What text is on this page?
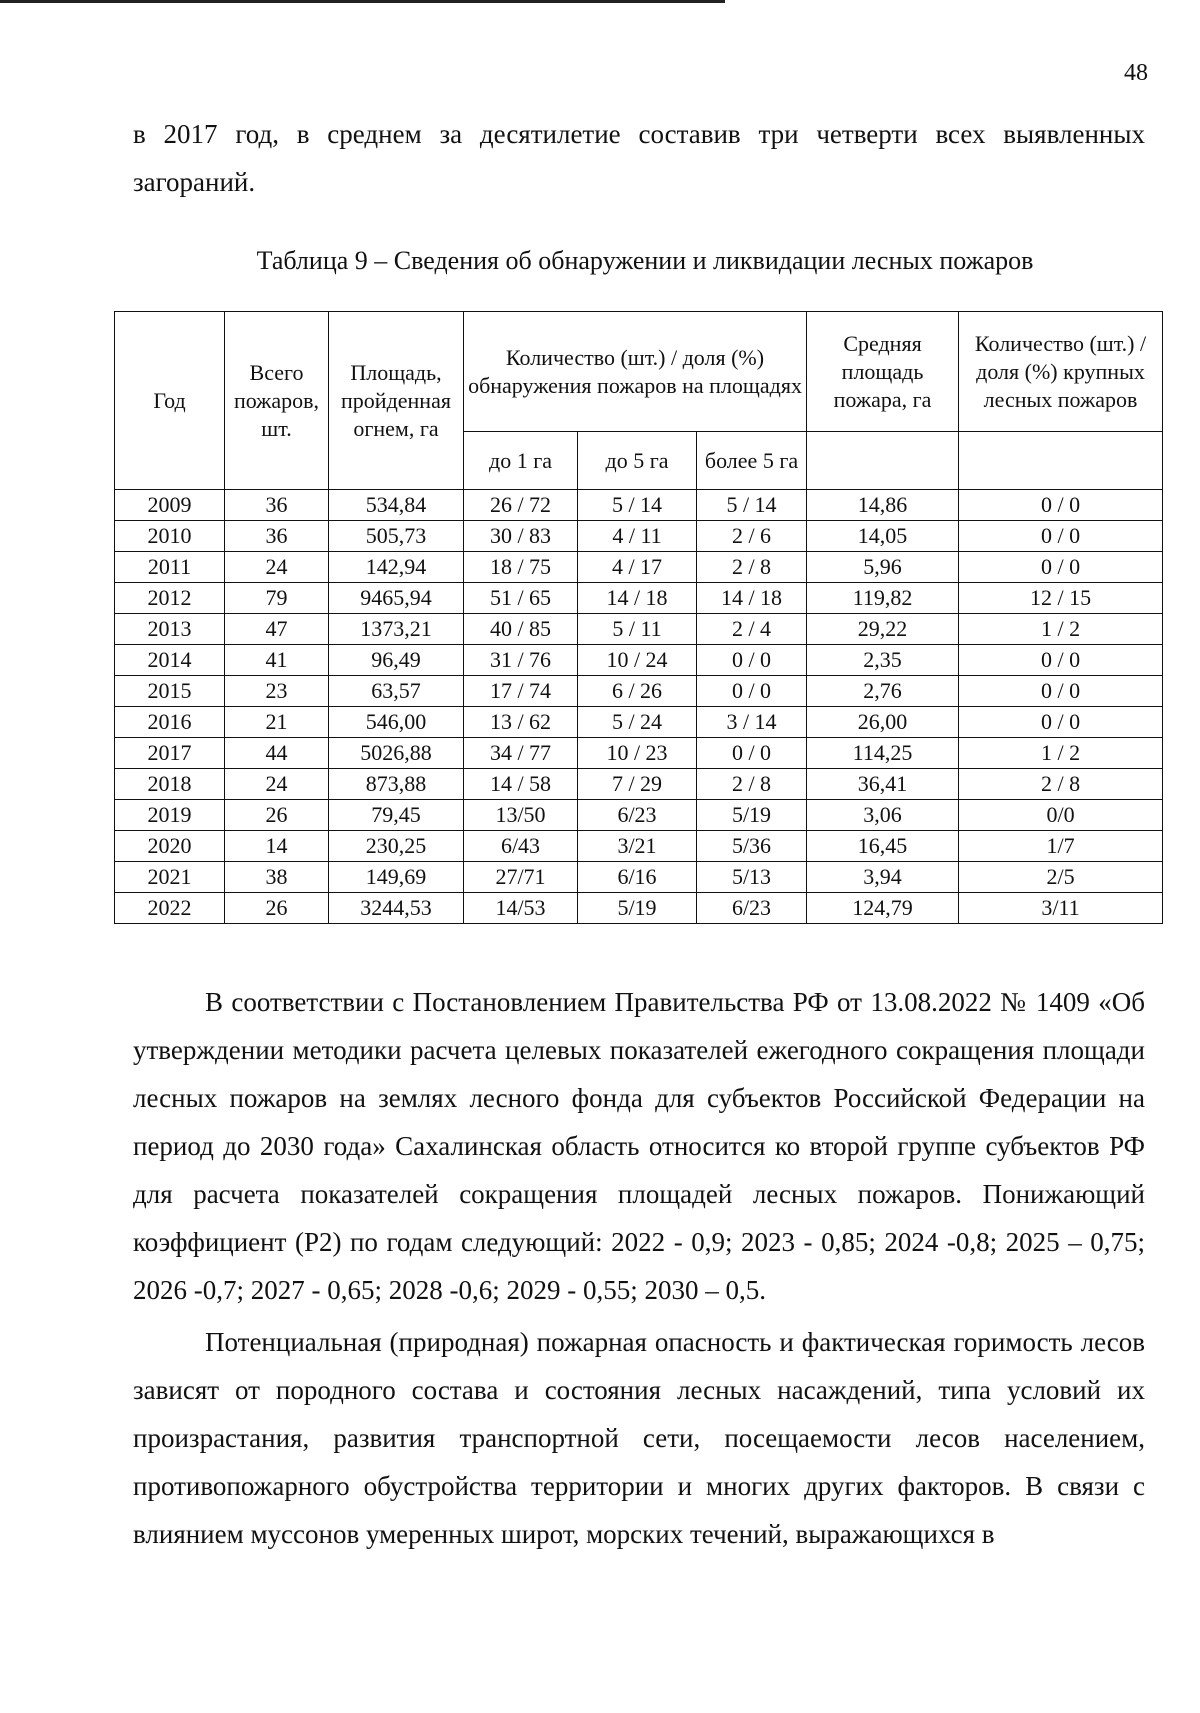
48

в 2017 год, в среднем за десятилетие составив три четверти всех выявленных загораний.

Таблица 9 – Сведения об обнаружении и ликвидации лесных пожаров

Год	Всего пожаров, шт.	Площадь, пройденная огнем, га	Количество (шт.) / доля (%) обнаружения пожаров на площадях			Средняя площадь пожара, га	Количество (шт.) / доля (%) крупных лесных пожаров
			до 1 га	до 5 га	более 5 га		
2009	36	534,84	26 / 72	5 / 14	5 / 14	14,86	0 / 0
2010	36	505,73	30 / 83	4 / 11	2 / 6	14,05	0 / 0
2011	24	142,94	18 / 75	4 / 17	2 / 8	5,96	0 / 0
2012	79	9465,94	51 / 65	14 / 18	14 / 18	119,82	12 / 15
2013	47	1373,21	40 / 85	5 / 11	2 / 4	29,22	1 / 2
2014	41	96,49	31 / 76	10 / 24	0 / 0	2,35	0 / 0
2015	23	63,57	17 / 74	6 / 26	0 / 0	2,76	0 / 0
2016	21	546,00	13 / 62	5 / 24	3 / 14	26,00	0 / 0
2017	44	5026,88	34 / 77	10 / 23	0 / 0	114,25	1 / 2
2018	24	873,88	14 / 58	7 / 29	2 / 8	36,41	2 / 8
2019	26	79,45	13/50	6/23	5/19	3,06	0/0
2020	14	230,25	6/43	3/21	5/36	16,45	1/7
2021	38	149,69	27/71	6/16	5/13	3,94	2/5
2022	26	3244,53	14/53	5/19	6/23	124,79	3/11

В соответствии с Постановлением Правительства РФ от 13.08.2022 № 1409 «Об утверждении методики расчета целевых показателей ежегодного сокращения площади лесных пожаров на землях лесного фонда для субъектов Российской Федерации на период до 2030 года» Сахалинская область относится ко второй группе субъектов РФ для расчета показателей сокращения площадей лесных пожаров. Понижающий коэффициент (Р2) по годам следующий: 2022 - 0,9; 2023 - 0,85; 2024 -0,8; 2025 – 0,75; 2026 -0,7; 2027 - 0,65; 2028 -0,6; 2029 - 0,55; 2030 – 0,5.

Потенциальная (природная) пожарная опасность и фактическая горимость лесов зависят от породного состава и состояния лесных насаждений, типа условий их произрастания, развития транспортной сети, посещаемости лесов населением, противопожарного обустройства территории и многих других факторов. В связи с влиянием муссонов умеренных широт, морских течений, выражающихся в
